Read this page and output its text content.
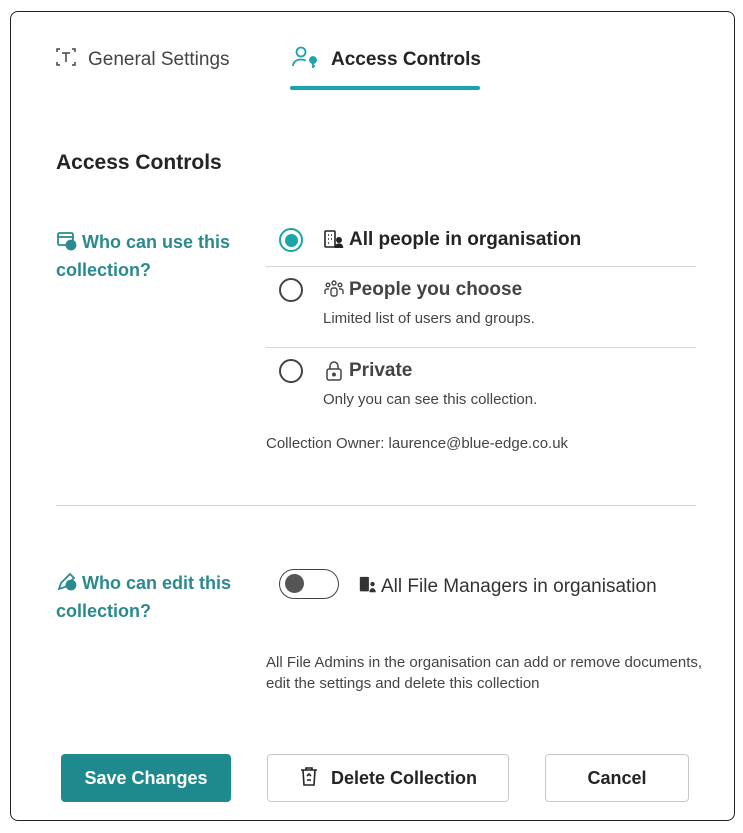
General Settings	Access Controls
Access Controls
Who can use this collection?
All people in organisation
People you choose
Limited list of users and groups.
Private
Only you can see this collection.
Collection Owner: laurence@blue-edge.co.uk
Who can edit this collection?
All File Managers in organisation
All File Admins in the organisation can add or remove documents, edit the settings and delete this collection
Save Changes	Delete Collection	Cancel
